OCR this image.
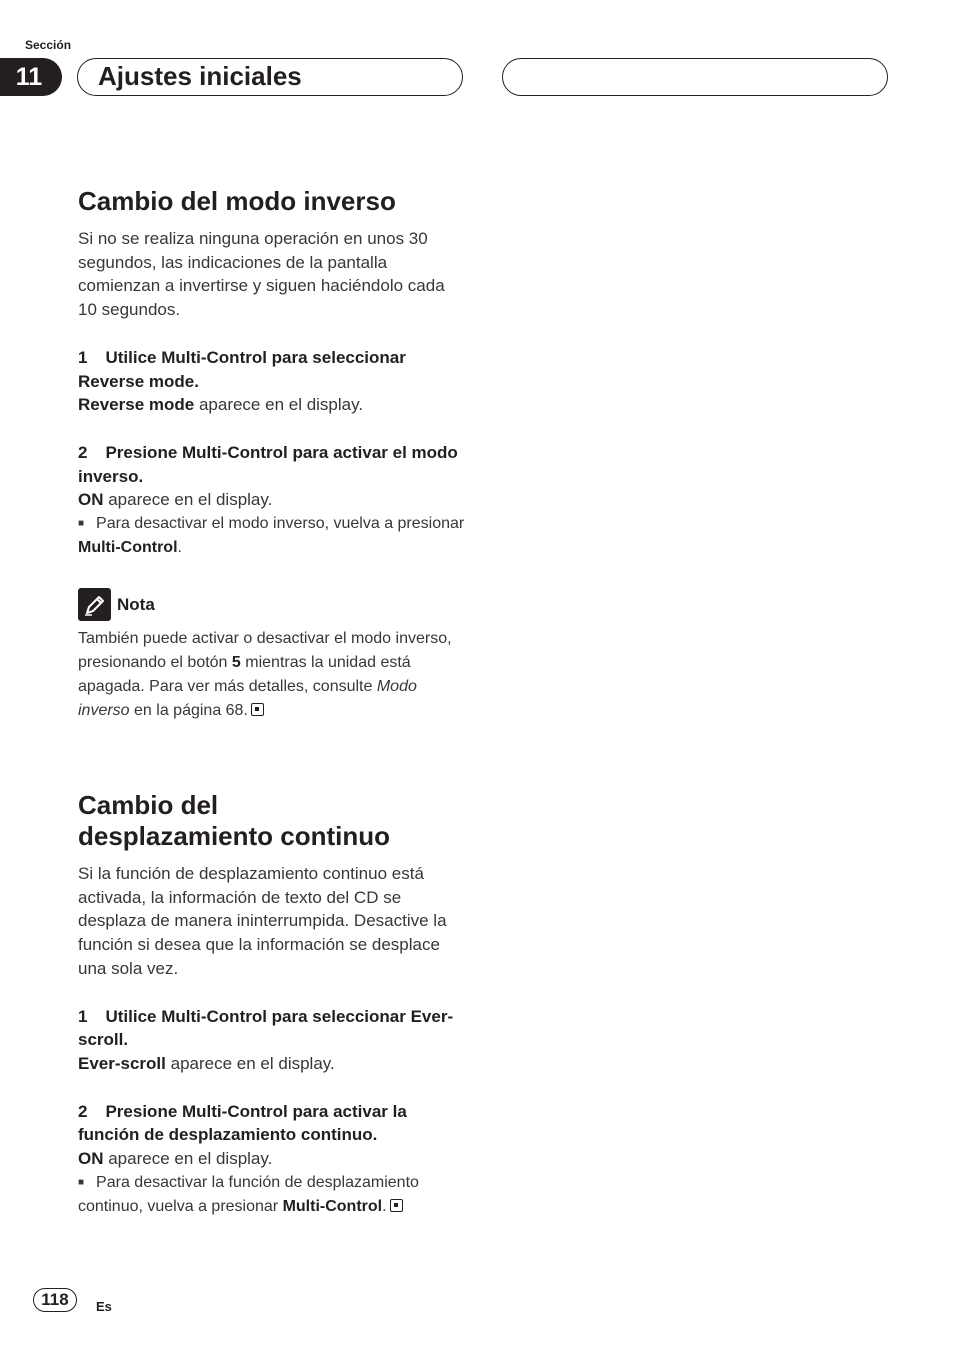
Sección
11	Ajustes iniciales
Cambio del modo inverso

Si no se realiza ninguna operación en unos 30 segundos, las indicaciones de la pantalla comienzan a invertirse y siguen haciéndolo cada 10 segundos.

1 Utilice Multi-Control para seleccionar Reverse mode.

Reverse mode aparece en el display.

2 Presione Multi-Control para activar el modo inverso.

ON aparece en el display.

■ Para desactivar el modo inverso, vuelva a presionar Multi-Control.

Nota

También puede activar o desactivar el modo inverso, presionando el botón 5 mientras la unidad está apagada. Para ver más detalles, consulte Modo inverso en la página 68.

Cambio del
desplazamiento continuo

Si la función de desplazamiento continuo está activada, la información de texto del CD se desplaza de manera ininterrumpida. Desactive la función si desea que la información se desplace una sola vez.

1 Utilice Multi-Control para seleccionar Ever-scroll.

Ever-scroll aparece en el display.

2 Presione Multi-Control para activar la función de desplazamiento continuo.

ON aparece en el display.

■ Para desactivar la función de desplazamiento continuo, vuelva a presionar Multi-Control.

118	Es
